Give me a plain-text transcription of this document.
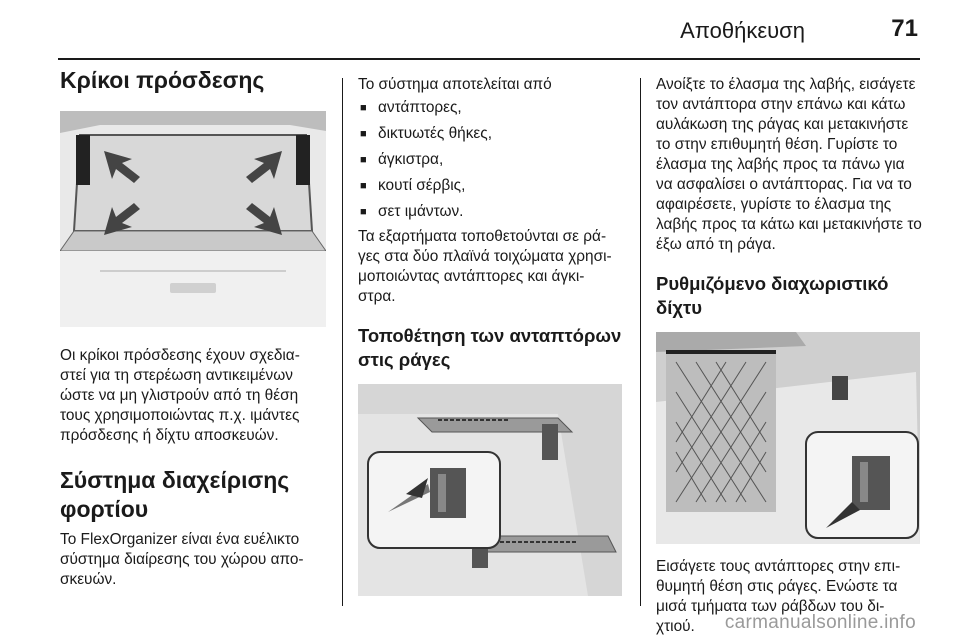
Αποθήκευση	71
Κρίκοι πρόσδεσης

Οι κρίκοι πρόσδεσης έχουν σχεδια- στεί για τη στερέωση αντικειμένων ώστε να μη γλιστρούν από τη θέση τους χρησιμοποιώντας π.χ. ιμάντες πρόσδεσης ή δίχτυ αποσκευών.

Σύστημα διαχείρισης φορτίου

Το FlexOrganizer είναι ένα ευέλικτο σύστημα διαίρεσης του χώρου απο- σκευών.

Το σύστημα αποτελείται από

■ αντάπτορες,
■ δικτυωτές θήκες,
■ άγκιστρα,
■ κουτί σέρβις,
■ σετ ιμάντων.

Τα εξαρτήματα τοποθετούνται σε ρά- γες στα δύο πλαϊνά τοιχώματα χρησι- μοποιώντας αντάπτορες και άγκι- στρα.

Τοποθέτηση των ανταπτόρων στις ράγες

Ανοίξτε το έλασμα της λαβής, εισάγετε τον αντάπτορα στην επάνω και κάτω αυλάκωση της ράγας και μετακινήστε το στην επιθυμητή θέση. Γυρίστε το έλασμα της λαβής προς τα πάνω για να ασφαλίσει ο αντάπτορας. Για να το αφαιρέσετε, γυρίστε το έλασμα της λαβής προς τα κάτω και μετακινήστε το έξω από τη ράγα.

Ρυθμιζόμενο διαχωριστικό δίχτυ

Εισάγετε τους αντάπτορες στην επι- θυμητή θέση στις ράγες. Ενώστε τα μισά τμήματα των ράβδων του δι- χτιού.	carmanualsonline.info
